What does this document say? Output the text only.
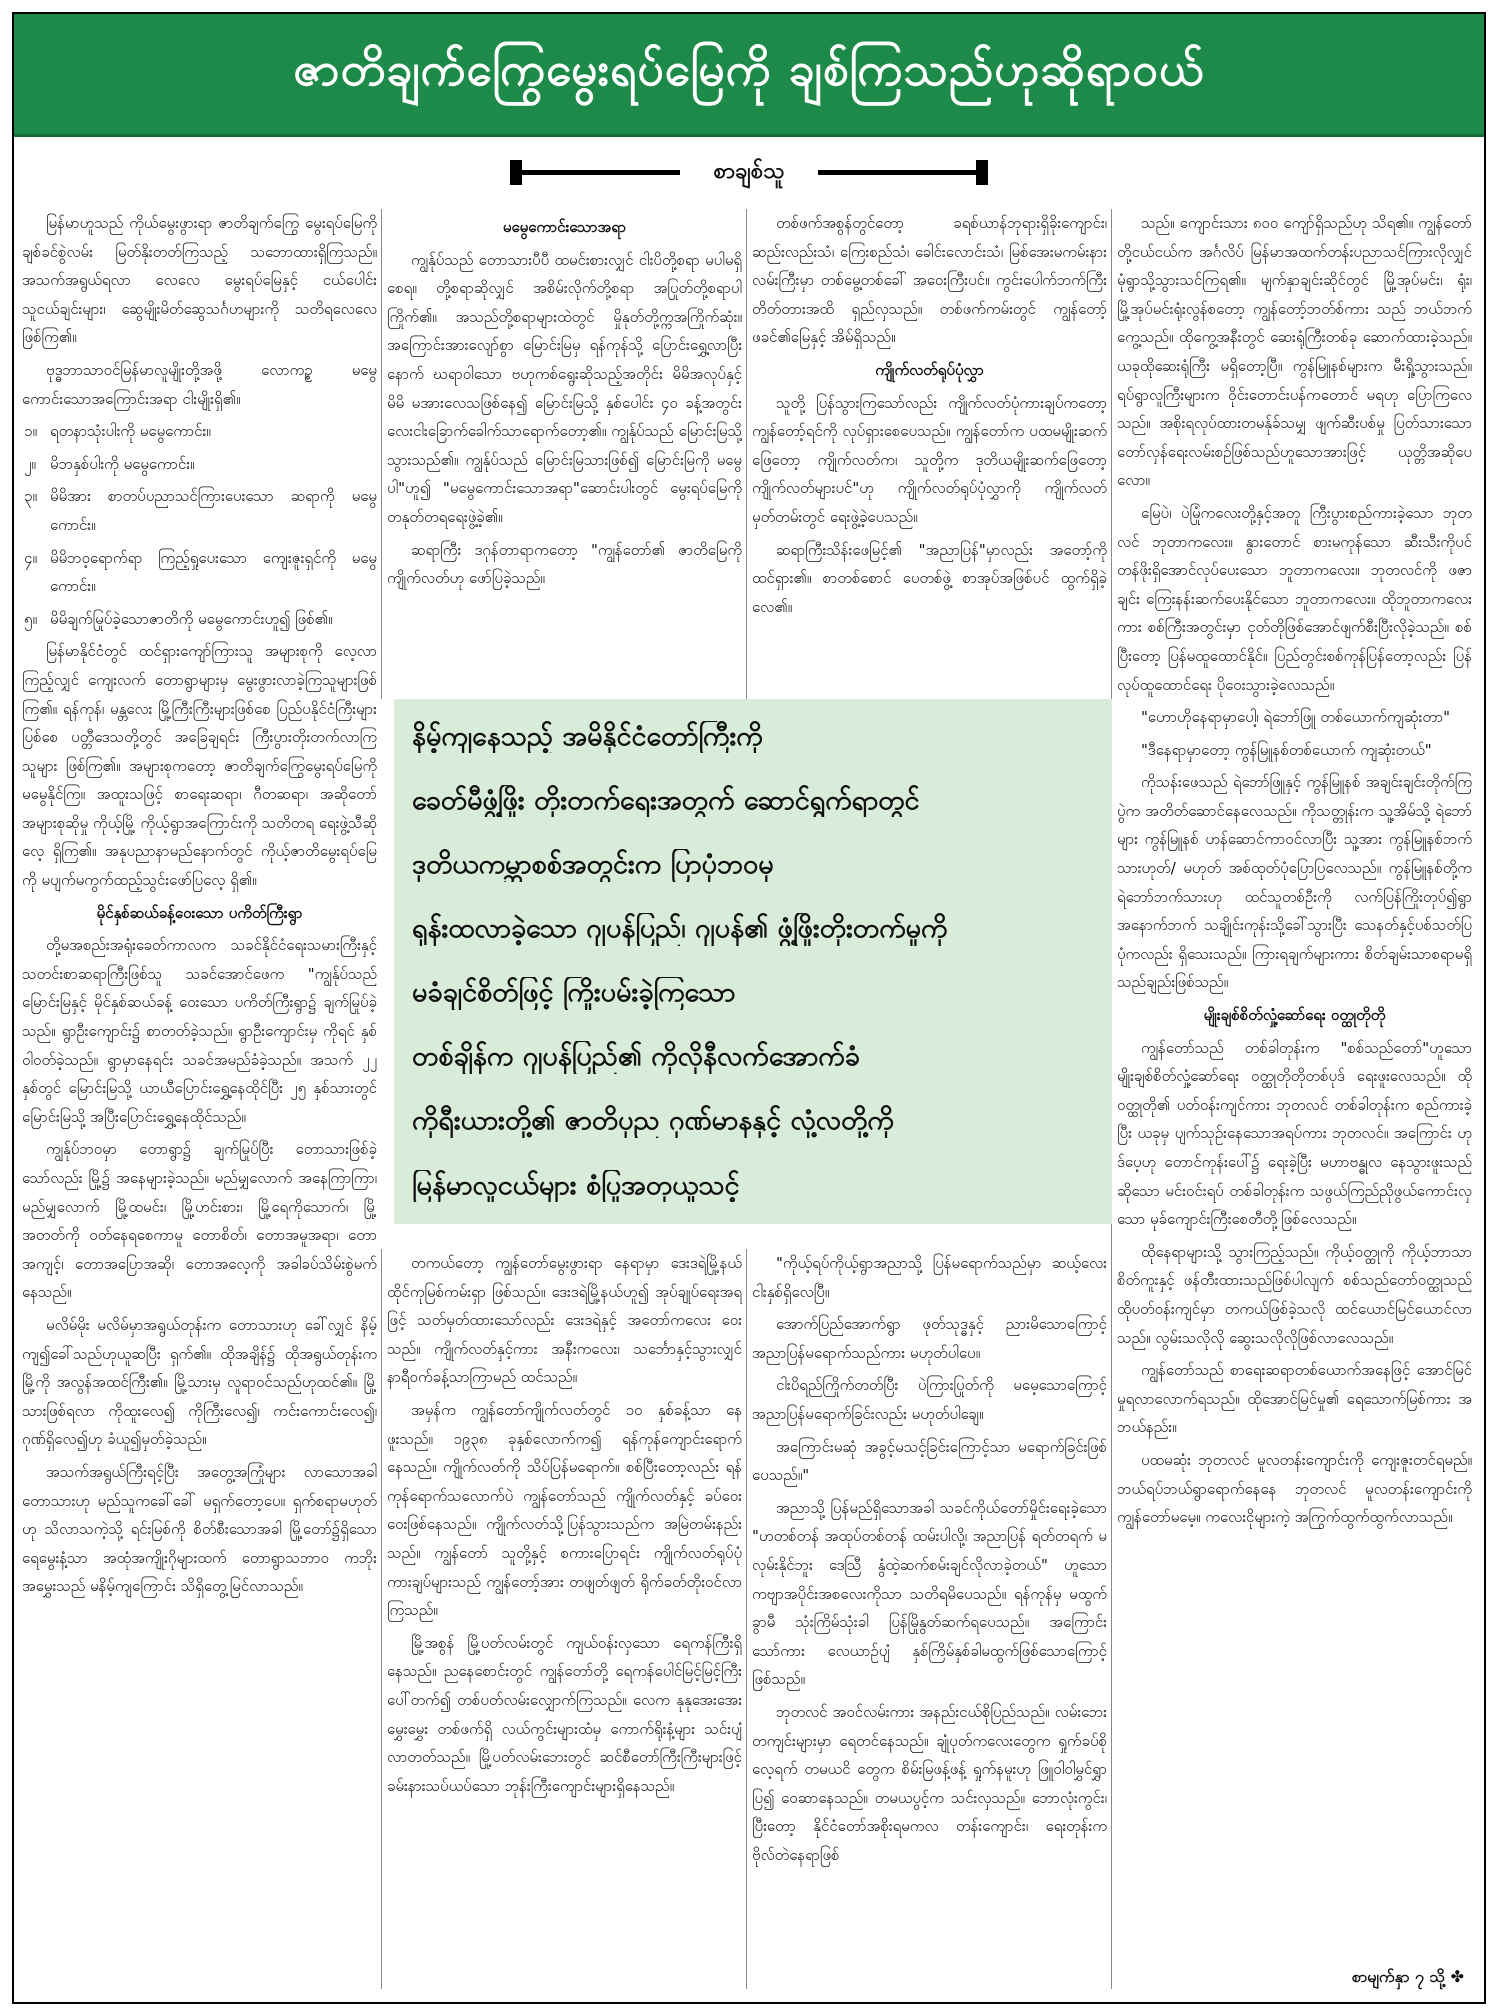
ဇာတိချက်ကြွေမွေးရပ်မြေကို ချစ်ကြသည်ဟုဆိုရာဝယ်
စာချစ်သူ

မြန်မာဟူသည် ကိုယ်မွေးဖွားရာ ဇာတိချက်ကြွေ မွေးရပ်မြေကို ချစ်ခင်စွဲလမ်း မြတ်နိုးတတ်ကြသည့် သဘောထားရှိကြသည်။ အသက်အရွယ်ရလာ လေလေ မွေးရပ်မြေနှင့် ငယ်ပေါင်းသူငယ်ချင်းများ၊ ဆွေမျိုးမိတ်ဆွေသင်္ဂဟများကို သတိရလေလေ ဖြစ်ကြ၏။

ဗုဒ္ဓဘာသာဝင်မြန်မာလူမျိုးတို့အဖို့ လောကဥ္စ မမွေကောင်းသောအကြောင်းအရာ ငါးမျိုးရှိ၏။

၁။ ရတနာသုံးပါးကို မမွေကောင်း။

၂။ မိဘနှစ်ပါးကို မမွေကောင်း။

၃။ မိမိအား စာတပ်ပညာသင်ကြားပေးသော ဆရာကို မမွေကောင်း။

၄။ မိမိဘဝ့ရောက်ရာ ကြည့်ရှုပေးသော ကျေးဇူးရှင်ကို မမွေကောင်း။

၅။ မိမိချက်မြုပ်ခဲ့သောဇာတိကို မမွေကောင်းဟူ၍ ဖြစ်၏။

မြန်မာနိုင်ငံတွင် ထင်ရှားကျော်ကြားသူ အများစုကို လေ့လာကြည့်လျှင် ကျေးလက် တောရွာများမှ မွေးဖွားလာခဲ့ကြသူများဖြစ်ကြ၏။ ရန်ကုန်၊ မန္တလေး မြို့ကြီးကြီးများဖြစ်စေ ပြည်ပနိုင်ငံကြီးများပြစ်စေ ပတ္တီဒေသတို့တွင် အခြေချရင်း ကြီးပွားတိုးတက်လာကြသူများ ဖြစ်ကြ၏။ အများစုကတော့ ဇာတိချက်ကြွေမွေးရပ်မြေကို မမွေနိုင်ကြ။ အထူးသဖြင့် စာရေးဆရာ၊ ဂီတဆရာ၊ အဆိုတော်အများစုဆိုမှု ကိုယ့်မြို့ ကိုယ့်ရွာအကြောင်းကို သတိတရ ရေးဖွဲ့သီဆိုလေ့ ရှိကြ၏။ အနုပညာနာမည်နောက်တွင် ကိုယ့်ဇာတိမွေးရပ်မြေကို မပျက်မကွက်ထည့်သွင်းဖော်ပြလေ့ ရှိ၏။

မိုင်နှစ်ဆယ်ခန့်ဝေးသော ပကိတ်ကြီးရွာ

တို့မအစည်းအရုံးခေတ်ကာလက သခင်နိုင်ငံရေးသမားကြီးနှင့် သတင်းစာဆရာကြီးဖြစ်သူ သခင်အောင်ဖေက "ကျွန်ုပ်သည် မြောင်းမြနှင့် မိုင်နှစ်ဆယ်ခန့် ဝေးသော ပကိတ်ကြီးရွာ၌ ချက်မြုပ်ခဲ့သည်။ ရွာဦးကျောင်း၌ စာတတ်ခဲ့သည်။ ရွာဦးကျောင်းမှ ကိုရင် နှစ်ဝါဝတ်ခဲ့သည်။ ရွာမှာနေရင်း သခင်အမည်ခံခဲ့သည်။ အသက် ၂၂ နှစ်တွင် မြောင်းမြသို့ ယာယီပြောင်းရွှေ့နေထိုင်ပြီး ၂၅ နှစ်သားတွင် မြောင်းမြသို့ အပြီးပြောင်းရွှေ့နေထိုင်သည်။

ကျွန်ုပ်ဘဝမှာ တောရွာ၌ ချက်မြုပ်ပြီး တောသားဖြစ်ခဲ့သော်လည်း မြို့၌ အနေများခဲ့သည်။ မည်မျှလောက် အနေကြာကြာ၊ မည်မျှလောက် မြို့ထမင်း၊ မြို့ဟင်းစား၊ မြို့ရေကိုသောက်၊ မြို့အတတ်ကို ဝတ်နေရစေကာမူ တောစိတ်၊ တောအမူအရာ၊ တောအကျင့်၊ တောအပြောအဆို၊ တောအလေ့ကို အခါခပ်သိမ်းစွဲမက်နေသည်။

မလိမ်မိုး မလိမ်မှာအရွယ်တုန်းက တောသားဟု ခေါ်လျှင် နိမ့်ကျ၍ခေါ်သည်ဟုယူဆပြီး ရှက်၏။ ထိုအချိန်၌ ထိုအရွယ်တုန်းက မြို့ကို အလွန်အထင်ကြီး၏။ မြို့သားမှ လူရာဝင်သည်ဟုထင်၏။ မြို့သားဖြစ်ရလာ ကိုထူးလေ၍ ကိုကြီးလေ၍၊ ကင်းကောင်းလေ၍၊ ဂုဏ်ရှိလေ၍ဟု ခံယူ၍မှတ်ခဲ့သည်။

အသက်အရွယ်ကြီးရင့်ပြီး အတွေ့အကြုံများ လာသောအခါ တောသားဟု မည်သူကခေါ်ခေါ် မရှက်တော့ပေ။ ရှက်စရာမဟုတ်ဟု သိလာသကဲ့သို့ ရင်းမြစ်ကို စိတ်စီးသောအခါ မြို့တော်၌ရှိသော ရေမွေးနံ့သာ အထုံအကျိုးဂိုများထက် တောရွာသဘာဝ ကဘိုးအမွှေးသည် မနိမ့်ကျကြောင်း သိရှိတွေ့မြင်လာသည်။

မမွေကောင်းသောအရာ

ကျွန်ုပ်သည် တောသားပီပီ ထမင်းစားလျှင် ငါးပိတို့စရာ မပါမရှိစေရ။ တို့စရာဆိုလျှင် အစိမ်းလိုက်တို့စရာ အပြုတ်တို့စရာပါ ကြိုက်၏။ အသည်တို့စရာများထဲတွင် မှိုနုတ်တို့က္ကအကြိုက်ဆုံး။ အကြောင်းအားလျော်စွာ မြောင်းမြမှ ရန်ကုန်သို့ ပြောင်းရွှေ့လာပြီးနောက် ဃရာဝါသော ဗဟုကစ်ရွေးဆိုသည့်အတိုင်း မိမိအလုပ်နှင့်မိမိ မအားလေသဖြစ်နေ၍ မြောင်းမြသို့ နှစ်ပေါင်း ၄၀ ခန့်အတွင်း လေးငါးခြောက်ခေါက်သာရောက်တော့၏။ ကျွန်ုပ်သည် မြောင်းမြသို့ သွားသည်၏။ ကျွန်ုပ်သည် မြောင်းမြသားဖြစ်၍ မြောင်းမြကို မမွေပါ"ဟူ၍ "မမွေကောင်းသောအရာ"ဆောင်းပါးတွင် မွေးရပ်မြေကို တနုတ်တရရေးဖွဲ့ခဲ့၏။

ဆရာကြီး ဒဂုန်တာရာကတော့ "ကျွန်တော်၏ ဇာတိမြေကို ကျိုက်လတ်ဟု ဖော်ပြခဲ့သည်။

တစ်ဖက်အစွန်တွင်တော့ ခရစ်ယာန်ဘုရားရှိခိုးကျောင်း၊ ဆည်းလည်းသံ၊ ကြေးစည်သံ၊ ခေါင်းလောင်းသံ၊ မြစ်အေးမကမ်းနားလမ်းကြီးမှာ တစ်မွေ့တစ်ခေါ် အဝေးကြီးပင်။ ကွင်းပေါက်ဘက်ကြီးတိတ်တားအထိ ရှည်လှသည်။ တစ်ဖက်ကမ်းတွင် ကျွန်တော့်ဖခင်၏မြေနှင့် အိမ်ရှိသည်။

ကျိုက်လတ်ရုပ်ပုံလွှာ

သူတို့ ပြန်သွားကြသော်လည်း ကျိုက်လတ်ပုံကားချပ်ကတော့ ကျွန်တော့်ရင်ကို လုပ်ရှားစေပေသည်။ ကျွန်တော်က ပထမမျိုးဆက်ဖြေတော့ ကျိုက်လတ်က၊ သူတို့က ဒုတိယမျိုးဆက်ဖြေတော့ ကျိုက်လတ်များပင်"ဟု ကျိုက်လတ်ရုပ်ပုံလွှာကို ကျိုက်လတ်မှတ်တမ်းတွင် ရေးဖွဲ့ခဲ့ပေသည်။

ဆရာကြီးသိန်းဖေမြင့်၏ "အညာပြန်"မှာလည်း အတော့်ကိုထင်ရှား၏။ စာတစ်စောင် ပေတစ်ဖွဲ့ စာအုပ်အဖြစ်ပင် ထွက်ရှိခဲ့လေ၏။

နိမ့်ကျနေသည့် အမိနိုင်ငံတော်ကြီးကို
ခေတ်မီဖွံ့ဖြိုး တိုးတက်ရေးအတွက် ဆောင်ရွက်ရာတွင်
ဒုတိယကမ္ဘာစစ်အတွင်းက ပြာပုံဘဝမှ
ရုန်းထလာခဲ့သော ဂျပန်ပြည်၊ ဂျပန်၏ ဖွံ့ဖြိုးတိုးတက်မှုကို
မခံချင်စိတ်ဖြင့် ကြိုးပမ်းခဲ့ကြသော
တစ်ချိန်က ဂျပန်ပြည်၏ ကိုလိုနီလက်အောက်ခံ
ကိုရီးယားတို့၏ ဇာတိပုည ဂုဏ်မာနနှင့် လုံ့လတို့ကို
မြန်မာလူငယ်များ စံပြုအတုယူသင့်

တကယ်တော့ ကျွန်တော်မွေးဖွားရာ နေရာမှာ ဒေးဒရဲမြို့နယ် ထိုင်ကုမြစ်ကမ်းရှာ ဖြစ်သည်။ ဒေးဒရဲမြို့နယ်ဟူ၍ အုပ်ချုပ်ရေးအရဖြင့် သတ်မှတ်ထားသော်လည်း ဒေးဒရဲနှင့် အတော်ကလေး ဝေးသည်။ ကျိုက်လတ်နှင့်ကား အနီးကလေး၊ သင်္ဘောနှင့်သွားလျှင် နာရီဝက်ခန့်သာကြာမည် ထင်သည်။

အမှန်က ကျွန်တော်ကျိုက်လတ်တွင် ၁၀ နှစ်ခန့်သာ နေဖူးသည်။ ၁၉၃၈ ခုနှစ်လောက်က၍ ရန်ကုန်ကျောင်းရောက်နေသည်။ ကျိုက်လတ်ကို သိပ်ပြန်မရောက်။ စစ်ပြီးတော့လည်း ရန်ကုန်ရောက်သလောက်ပဲ ကျွန်တော်သည် ကျိုက်လတ်နှင့် ခပ်ဝေးဝေးဖြစ်နေသည်။ ကျိုက်လတ်သို့ပြန်သွားသည်က အမြဲတမ်းနည်းသည်။ ကျွန်တော် သူတို့နှင့် စကားပြောရင်း ကျိုက်လတ်ရုပ်ပုံကားချပ်များသည် ကျွန်တော့်အား တဖျတ်ဖျတ် ရိုက်ခတ်တိုးဝင်လာကြသည်။

မြို့အစွန် မြို့ပတ်လမ်းတွင် ကျယ်ဝန်းလှသော ရေကန်ကြီးရှိနေသည်။ ညနေစောင်းတွင် ကျွန်တော်တို့ ရေကန်ပေါင်မြင့်မြင့်ကြီးပေါ်တက်၍ တစ်ပတ်လမ်းလျှောက်ကြသည်။ လေက နုနုအေးအေးမွှေးမွှေး တစ်ဖက်ရှိ လယ်ကွင်းများထံမှ ကောက်ရိုးနံ့များ သင်းပျံ့လာတတ်သည်။ မြို့ပတ်လမ်းဘေးတွင် ဆင်စီတော်ကြီးကြီးများဖြင့် ခမ်းနားသပ်ယပ်သော ဘုန်းကြီးကျောင်းများရှိနေသည်။

"ကိုယ့်ရပ်ကိုယ့်ရွာအညာသို့ ပြန်မရောက်သည်မှာ ဆယ့်လေးငါးနှစ်ရှိလေပြီ။

အောက်ပြည်အောက်ရွာ ဖုတ်သုဒ္ဓနှင့် ညားမိသောကြောင့် အညာပြန်မရောက်သည်ကား မဟုတ်ပါပေ။

ငါးပိရည်ကြိုက်တတ်ပြီး ပဲကြားပြုတ်ကို မမေ့သောကြောင့် အညာပြန်မရောက်ခြင်းလည်း မဟုတ်ပါချေ။

အကြောင်းမဆုံ အခွင့်မသင့်ခြင်းကြောင့်သာ မရောက်ခြင်းဖြစ်ပေသည်။"

အညာသို့ ပြန်မည်ရှိသောအခါ သခင်ကိုယ်တော်မှိုင်းရေးခဲ့သော "ဟတစ်တန် အထုပ်တစ်တန် ထမ်းပါလို့၊ အညာပြန် ရတ်တရက် မလုမ်းနိုင်ဘူး ဒေသြီ နွံထဲ့ဆက်စမ်းချင်လိုလာခဲ့တယ်" ဟူသော ကဗျာအပိုင်းအစလေးကိုသာ သတိရမိပေသည်။ ရန်ကုန်မှ မထွက်ခွာမီ သုံးကြိမ်သုံးခါ ပြန်မြိုနွတ်ဆက်ရပေသည်။ အကြောင်းသော်ကား လေယာဉ်ပျံ နှစ်ကြိမ်နှစ်ခါမထွက်ဖြစ်သောကြောင့်ဖြစ်သည်။

ဘုတလင် အဝင်လမ်းကား အနည်းငယ်စိုပြည်သည်။ လမ်းဘေးတကျင်းများမှာ ရေတင်နေသည်။ ချုံပုတ်ကလေးတွေက ရှုက်ခပ်စိုလေ့ရက် တမယငိ တွေက စိမ်းမြဖန့်ဖန့် ရှုက်နမူးဟု ဖြူဝါဝါမွှင်ရွှာပြ၍ ဝေဆာနေသည်။ တမယပွင့်က သင်းလှသည်။ ဘောလုံးကွင်း၊ ပြီးတော့ နိုင်ငံတော်အစိုးရမကလ တန်းကျောင်း၊ ရေးတုန်းက ဗိုလ်တဲနေရာဖြစ်

သည်။ ကျောင်းသား ၈၀၀ ကျော်ရှိသည်ဟု သိရ၏။ ကျွန်တော်တို့ငယ်ငယ်က အင်္ဂလိပ် မြန်မာအထက်တန်းပညာသင်ကြားလိုလျှင် မုံရွာသို့သွားသင်ကြရ၏။ မျက်နှာချင်းဆိုင်တွင် မြို့အုပ်မင်း၊ ရုံး၊ မြို့အုပ်မင်းရုံးလွန်စတော့ ကျွန်တော့်ဘတ်စ်ကား သည် ဘယ်ဘက်ကွေ့သည်။ ထိုကွေ့အနီးတွင် ဆေးရုံကြီးတစ်ခု ဆောက်ထားခဲ့သည်။ ယခုထိုဆေးရုံကြီး မရှိတော့ပြီ။ ကွန်မြူနစ်များက မီးရှို့သွားသည်။ ရပ်ရွာလူကြီးများက ဝိုင်းတောင်းပန်ကတောင် မရဟု ပြောကြလေသည်။ အစိုးရလုပ်ထားတမန်ုခ်သမျှ ဖျက်ဆီးပစ်မှု ပြတ်သားသော တော်လှန်ရေးလမ်းစဉ်ဖြစ်သည်ဟူသောအားဖြင့် ယုတ္တိအဆိုပေလော။

မြေပဲ၊ ပဲမြုံကလေးတို့နှင့်အတူ ကြီးပွားစည်ကားခဲ့သော ဘုတလင် ဘုတာကလေး။ နွားတောင် စားမကုန်သော ဆီးသီးကိုပင် တန်ဖိုးရှိအောင်လုပ်ပေးသော ဘူတာကလေး။ ဘုတလင်ကို ဖဇာချင်း ကြေးနန်းဆက်ပေးနိုင်သော ဘူတာကလေး။ ထိုဘူတာကလေးကား စစ်ကြီးအတွင်းမှာ ငုတ်တိုဖြစ်အောင်ဖျက်စီးပြီးလိုခဲ့သည်။ စစ်ပြီးတော့ ပြန်မထူထောင်နိုင်။ ပြည်တွင်းစစ်ကုန်ပြန်တော့လည်း ပြန်လုပ်ထူထောင်ရေး ပိုဝေးသွားခဲ့လေသည်။

"ဟောဟိုနေရာမှာပေါ့၊ ရဲဘော်ဖြူ တစ်ယောက်ကျဆုံးတာ"

"ဒီနေရာမှာတော့ ကွန်မြူနစ်တစ်ယောက် ကျဆုံးတယ်"

ကိုသန်းဖေသည် ရဲဘော်ဖြူနှင့် ကွန်မြူနစ် အချင်းချင်းတိုက်ကြပွဲက အတိတ်ဆောင်နေလေသည်။ ကိုသတ္တုန်းက သူ့အိမ်သို့ ရဲဘော်များ ကွန်မြူနစ် ဟန်ဆောင်ကာဝင်လာပြီး သူ့အား ကွန်မြူနစ်ဘက်သားဟုတ်/ မဟုတ် အစ်ထုတ်ပုံပြောပြလေသည်။ ကွန်မြူနစ်တို့က ရဲဘော်ဘက်သားဟု ထင်သူတစ်ဦးကို လက်ပြန်ကြိုးတုပ်၍ရွာအနောက်ဘက် သချိုင်းကုန်းသို့ခေါ်သွားပြီး သေနတ်နှင့်ပစ်သတ်ပြပုံကလည်း ရှိသေးသည်။ ကြားရချက်များကား စိတ်ချမ်းသာစရာမရှိသည်ချည်းဖြစ်သည်။

မျိုးချစ်စိတ်လှုံ့ဆော်ရေး ဝတ္ထုတိုတို

ကျွန်တော်သည် တစ်ခါတုန်းက "စစ်သည်တော်"ဟူသော မျိုးချစ်စိတ်လှုံ့ဆော်ရေး ဝတ္ထုတိုတိုတစ်ပုဒ် ရေးဖူးလေသည်။ ထိုဝတ္ထုတို၏ ပတ်ဝန်းကျင်ကား ဘုတလင် တစ်ခါတုန်းက စည်ကားခဲ့ပြီး ယခုမှ ပျက်သုဉ်းနေသောအရပ်ကား ဘုတလင်။ အကြောင်း ဟုဒ်ပေ့ဟု တောင်ကုန်းပေါ်၌ ရေးခဲ့ပြီး မဟာဗန္ဓုလ နေသွားဖူးသည်ဆိုသော မင်းဝင်းရပ် တစ်ခါတုန်းက သဖွယ်ကြည်ညိုဖွယ်ကောင်းလှသော မုခ်ကျောင်းကြီးစေတီတို့ဖြစ်လေသည်။

ထိုနေရာများသို့ သွားကြည့်သည်။ ကိုယ့်ဝတ္ထုကို ကိုယ့်ဘာသာစိတ်ကူးနှင့် ဖန်တီးထားသည်ဖြစ်ပါလျက် စစ်သည်တော်ဝတ္ထုသည် ထိုပတ်ဝန်းကျင်မှာ တကယ်ဖြစ်ခဲ့သလို ထင်ယောင်မြင်ယောင်လာသည်။ လွမ်းသလိုလို ဆွေးသလိုလိုဖြစ်လာလေသည်။

ကျွန်တော်သည် စာရေးဆရာတစ်ယောက်အနေဖြင့် အောင်မြင်မှုရလာလောက်ရသည်။ ထိုအောင်မြင်မှု၏ ရေသောက်မြစ်ကား အဘယ်နည်း။

ပထမဆုံး ဘုတလင် မူလတန်းကျောင်းကို ကျေးဇူးတင်ရမည်။ ဘယ်ရပ်ဘယ်ရွာရောက်နေနေ ဘုတလင် မူလတန်းကျောင်းကို ကျွန်တော်မမေ့။ ကလေးငိုများကဲ့ အကြွက်ထွက်ထွက်လာသည်။

စာမျက်နှာ ၇ သို့ ✤
